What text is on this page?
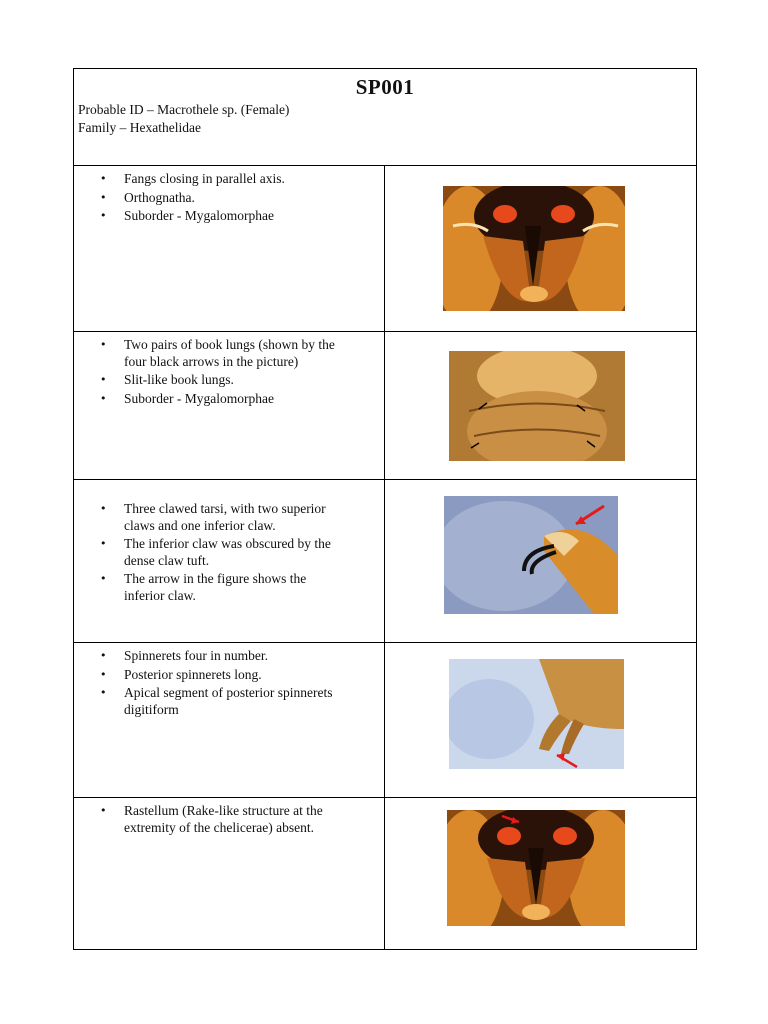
SP001
Probable ID – Macrothele sp. (Female)
Family – Hexathelidae
• Fangs closing in parallel axis.
• Orthognatha.
• Suborder - Mygalomorphae
• Two pairs of book lungs (shown by the four black arrows in the picture)
• Slit-like book lungs.
• Suborder - Mygalomorphae
• Three clawed tarsi, with two superior claws and one inferior claw.
• The inferior claw was obscured by the dense claw tuft.
• The arrow in the figure shows the inferior claw.
• Spinnerets four in number.
• Posterior spinnerets long.
• Apical segment of posterior spinnerets digitiform
• Rastellum (Rake-like structure at the extremity of the chelicerae) absent.
